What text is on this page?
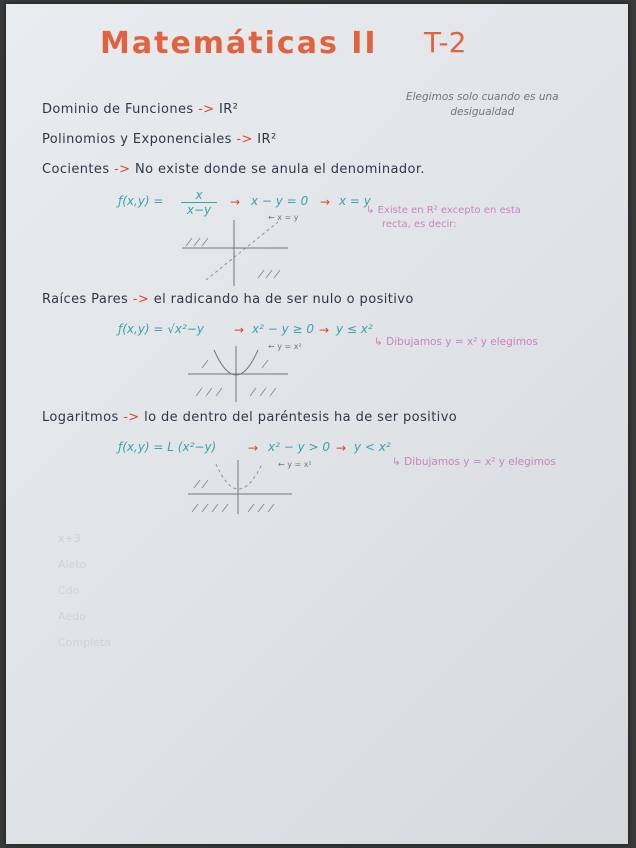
Matemáticas II T-2
Elegimos solo cuando es una
desigualdad
Dominio de Funciones -> IR²
Polinomios y Exponenciales -> IR²
Cocientes -> No existe donde se anula el denominador.
ƒ(x,y) = $\frac{x}{x-y} \to x - y = 0 \to x = y$
← x = y
↳ Existe en R² excepto en esta
recta, es decir:
Raíces Pares -> el radicando ha de ser nulo o positivo
ƒ(x,y) = √x²−y → x² − y ≥ 0 → y ≤ x²
← y = x²	↳ Dibujamos y = x² y elegimos
Logaritmos -> lo de dentro del paréntesis ha de ser positivo
ƒ(x,y) = L (x²−y)	→ x² − y > 0 → y < x²
← y = x²	↳ Dibujamos y = x² y elegimos
x+3
Aleto
Cdo
Aedo
Completa
